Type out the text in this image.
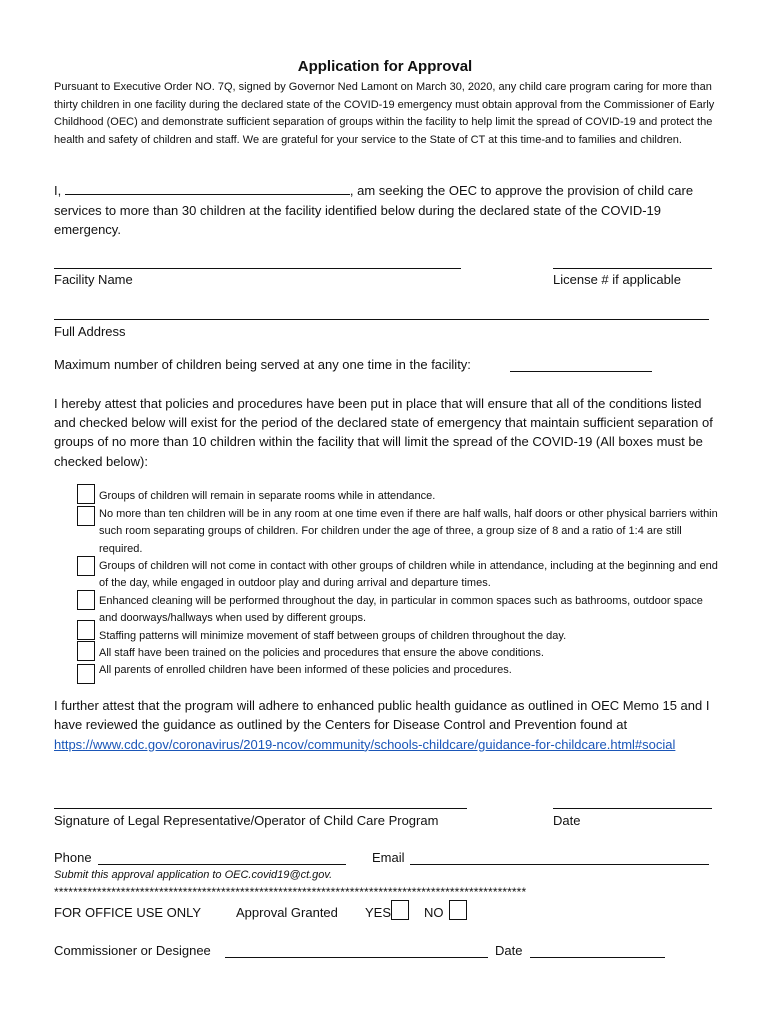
Application for Approval
Pursuant to Executive Order NO. 7Q, signed by Governor Ned Lamont on March 30, 2020, any child care program caring for more than thirty children in one facility during the declared state of the COVID-19 emergency must obtain approval from the Commissioner of Early Childhood (OEC) and demonstrate sufficient separation of groups within the facility to help limit the spread of COVID-19 and protect the health and safety of children and staff. We are grateful for your service to the State of CT at this time-and to families and children.
I,	, am seeking the OEC to approve the provision of child care services to more than 30 children at the facility identified below during the declared state of the COVID-19 emergency.
Facility Name	License # if applicable
Full Address
Maximum number of children being served at any one time in the facility:
I hereby attest that policies and procedures have been put in place that will ensure that all of the conditions listed and checked below will exist for the period of the declared state of emergency that maintain sufficient separation of groups of no more than 10 children within the facility that will limit the spread of the COVID-19 (All boxes must be checked below):
Groups of children will remain in separate rooms while in attendance.
No more than ten children will be in any room at one time even if there are half walls, half doors or other physical barriers within such room separating groups of children. For children under the age of three, a group size of 8 and a ratio of 1:4 are still required.
Groups of children will not come in contact with other groups of children while in attendance, including at the beginning and end of the day, while engaged in outdoor play and during arrival and departure times.
Enhanced cleaning will be performed throughout the day, in particular in common spaces such as bathrooms, outdoor space and doorways/hallways when used by different groups.
Staffing patterns will minimize movement of staff between groups of children throughout the day.
All staff have been trained on the policies and procedures that ensure the above conditions.
All parents of enrolled children have been informed of these policies and procedures.
I further attest that the program will adhere to enhanced public health guidance as outlined in OEC Memo 15 and I have reviewed the guidance as outlined by the Centers for Disease Control and Prevention found at https://www.cdc.gov/coronavirus/2019-ncov/community/schools-childcare/guidance-for-childcare.html#social
Signature of Legal Representative/Operator of Child Care Program	Date
Phone	Email
Submit this approval application to OEC.covid19@ct.gov.
***************************************************************************************************
FOR OFFICE USE ONLY	Approval Granted YES	NO
Commissioner or Designee	Date
